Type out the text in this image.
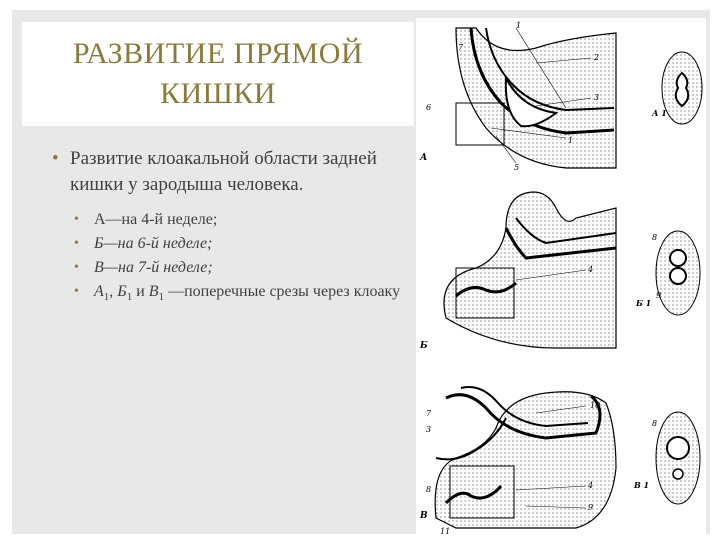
РАЗВИТИЕ ПРЯМОЙ
КИШКИ
• Развитие клоакальной области задней кишки у зародыша человека.
• А—на 4-й неделе;
• Б—на 6-й неделе;
• В—на 7-й неделе;
• $А_1$, $Б_1$ и $В_1$ —поперечные срезы через клоаку
1
7
2
3
6
1
5
А
А 1
4
Б
8
9
Б 1
10
7
3
8	4
9
11
В
8
В 1
